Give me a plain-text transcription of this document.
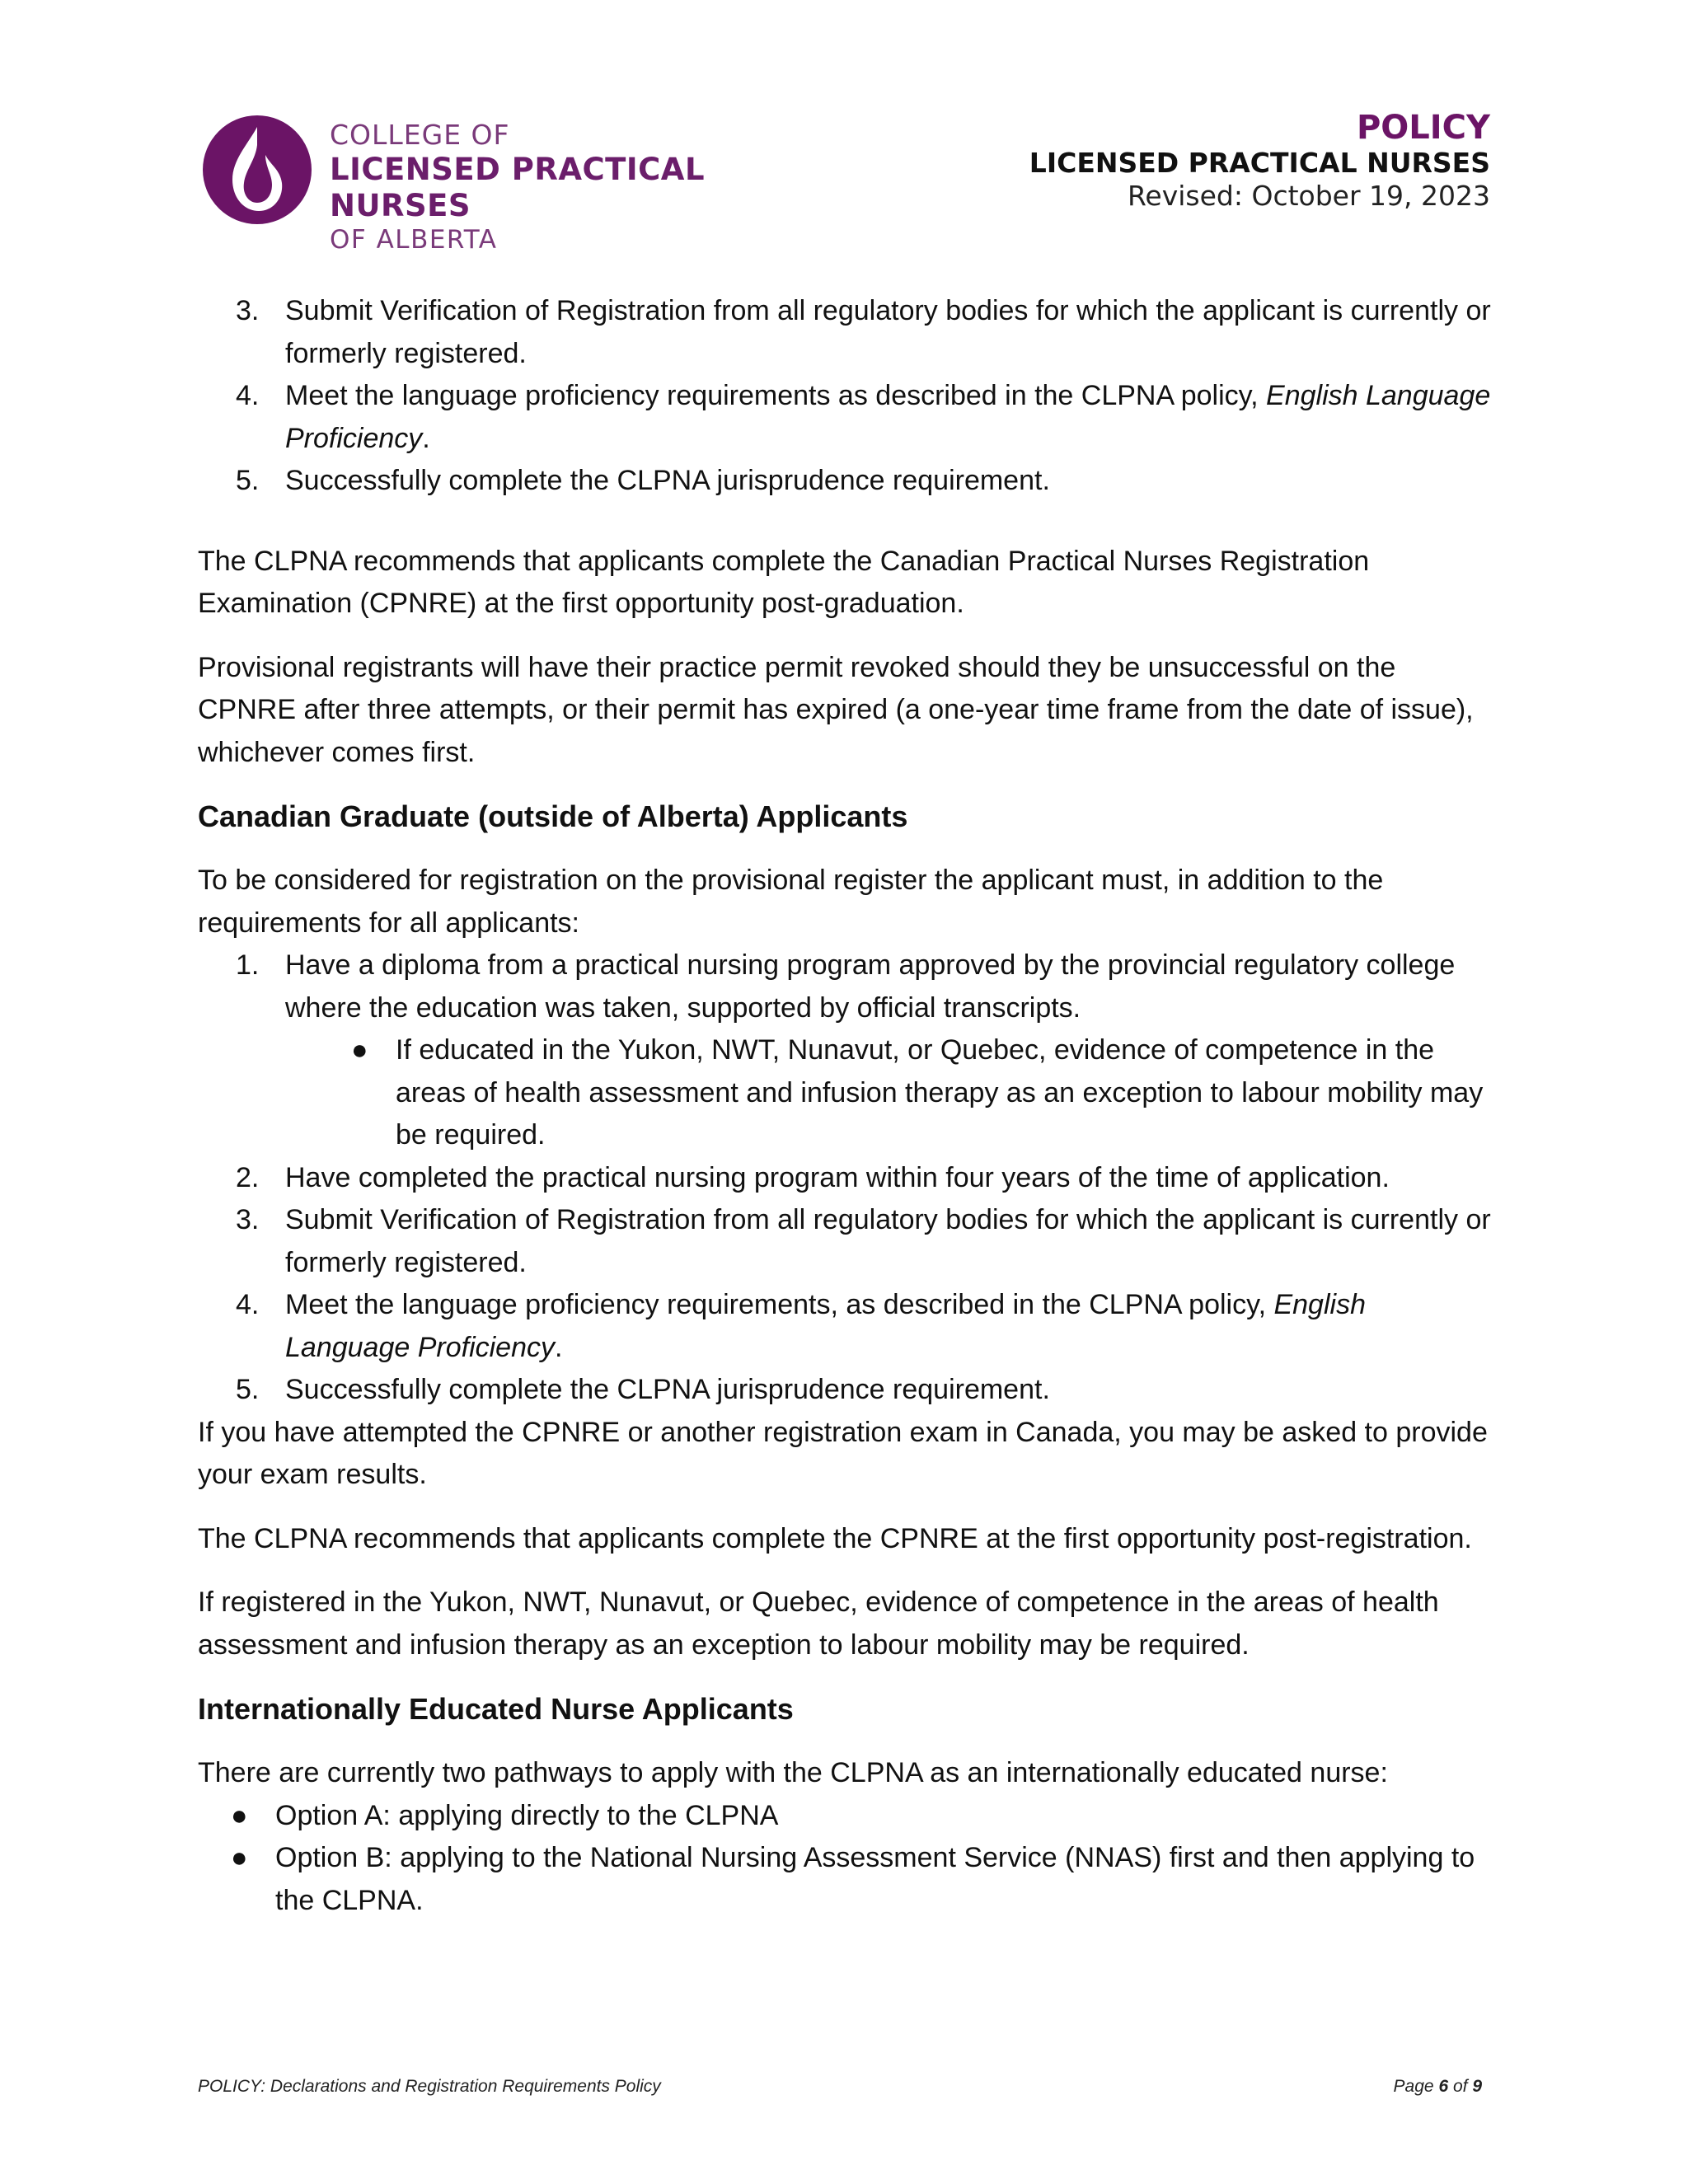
COLLEGE OF
LICENSED PRACTICAL NURSES
OF ALBERTA
POLICY
LICENSED PRACTICAL NURSES
Revised: October 19, 2023
3. Submit Verification of Registration from all regulatory bodies for which the applicant is currently or formerly registered.
4. Meet the language proficiency requirements as described in the CLPNA policy, English Language Proficiency.
5. Successfully complete the CLPNA jurisprudence requirement.

The CLPNA recommends that applicants complete the Canadian Practical Nurses Registration Examination (CPNRE) at the first opportunity post-graduation.

Provisional registrants will have their practice permit revoked should they be unsuccessful on the CPNRE after three attempts, or their permit has expired (a one-year time frame from the date of issue), whichever comes first.

Canadian Graduate (outside of Alberta) Applicants

To be considered for registration on the provisional register the applicant must, in addition to the requirements for all applicants:

1. Have a diploma from a practical nursing program approved by the provincial regulatory college where the education was taken, supported by official transcripts.
● If educated in the Yukon, NWT, Nunavut, or Quebec, evidence of competence in the areas of health assessment and infusion therapy as an exception to labour mobility may be required.
2. Have completed the practical nursing program within four years of the time of application.
3. Submit Verification of Registration from all regulatory bodies for which the applicant is currently or formerly registered.
4. Meet the language proficiency requirements, as described in the CLPNA policy, English Language Proficiency.
5. Successfully complete the CLPNA jurisprudence requirement.

If you have attempted the CPNRE or another registration exam in Canada, you may be asked to provide your exam results.

The CLPNA recommends that applicants complete the CPNRE at the first opportunity post-registration.

If registered in the Yukon, NWT, Nunavut, or Quebec, evidence of competence in the areas of health assessment and infusion therapy as an exception to labour mobility may be required.

Internationally Educated Nurse Applicants

There are currently two pathways to apply with the CLPNA as an internationally educated nurse:

● Option A: applying directly to the CLPNA
● Option B: applying to the National Nursing Assessment Service (NNAS) first and then applying to the CLPNA.
POLICY: Declarations and Registration Requirements Policy	Page 6 of 9
